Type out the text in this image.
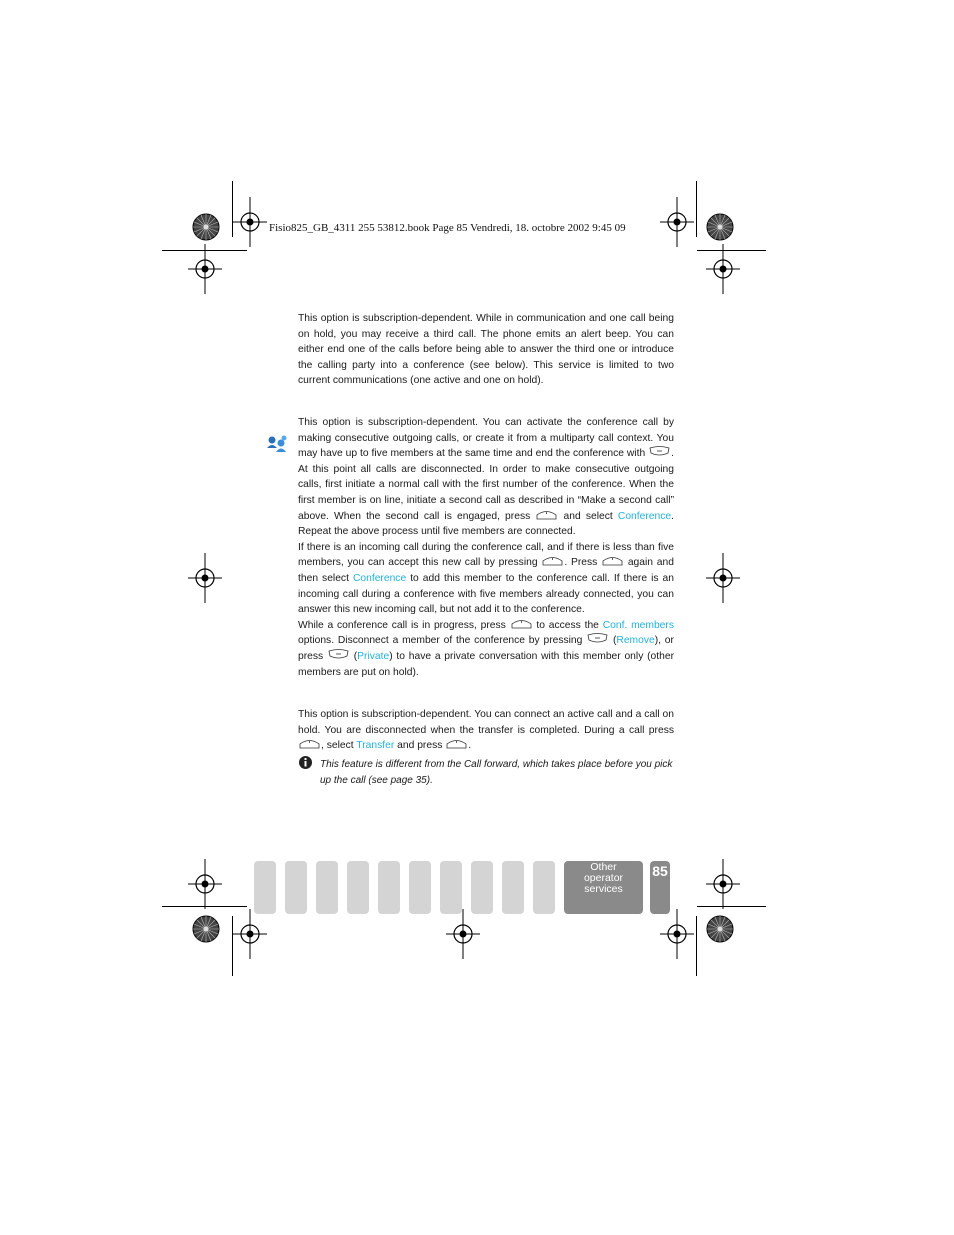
Fisio825_GB_4311 255 53812.book Page 85 Vendredi, 18. octobre 2002 9:45 09

This option is subscription-dependent. While in communication and one call being on hold, you may receive a third call. The phone emits an alert beep. You can either end one of the calls before being able to answer the third one or introduce the calling party into a conference (see below). This service is limited to two current communications (one active and one on hold).

This option is subscription-dependent. You can activate the conference call by making consecutive outgoing calls, or create it from a multiparty call context. You may have up to five members at the same time and end the conference with	. At this point all calls are disconnected. In order to make consecutive outgoing calls, first initiate a normal call with the first number of the conference. When the first member is on line, initiate a second call as described in “Make a second call” above. When the second call is engaged, press	and select Conference. Repeat the above process until five members are connected.

If there is an incoming call during the conference call, and if there is less than five members, you can accept this new call by pressing	. Press	again and then select Conference to add this member to the conference call. If there is an incoming call during a conference with five members already connected, you can answer this new incoming call, but not add it to the conference.

While a conference call is in progress, press	to access the Conf. members options. Disconnect a member of the conference by pressing	(Remove), or press	(Private) to have a private conversation with this member only (other members are put on hold).

This option is subscription-dependent. You can connect an active call and a call on hold. You are disconnected when the transfer is completed. During a call press
, select Transfer and press	.

This feature is different from the Call forward, which takes place before you pick up the call (see page 35).
Other
operator
services
85
